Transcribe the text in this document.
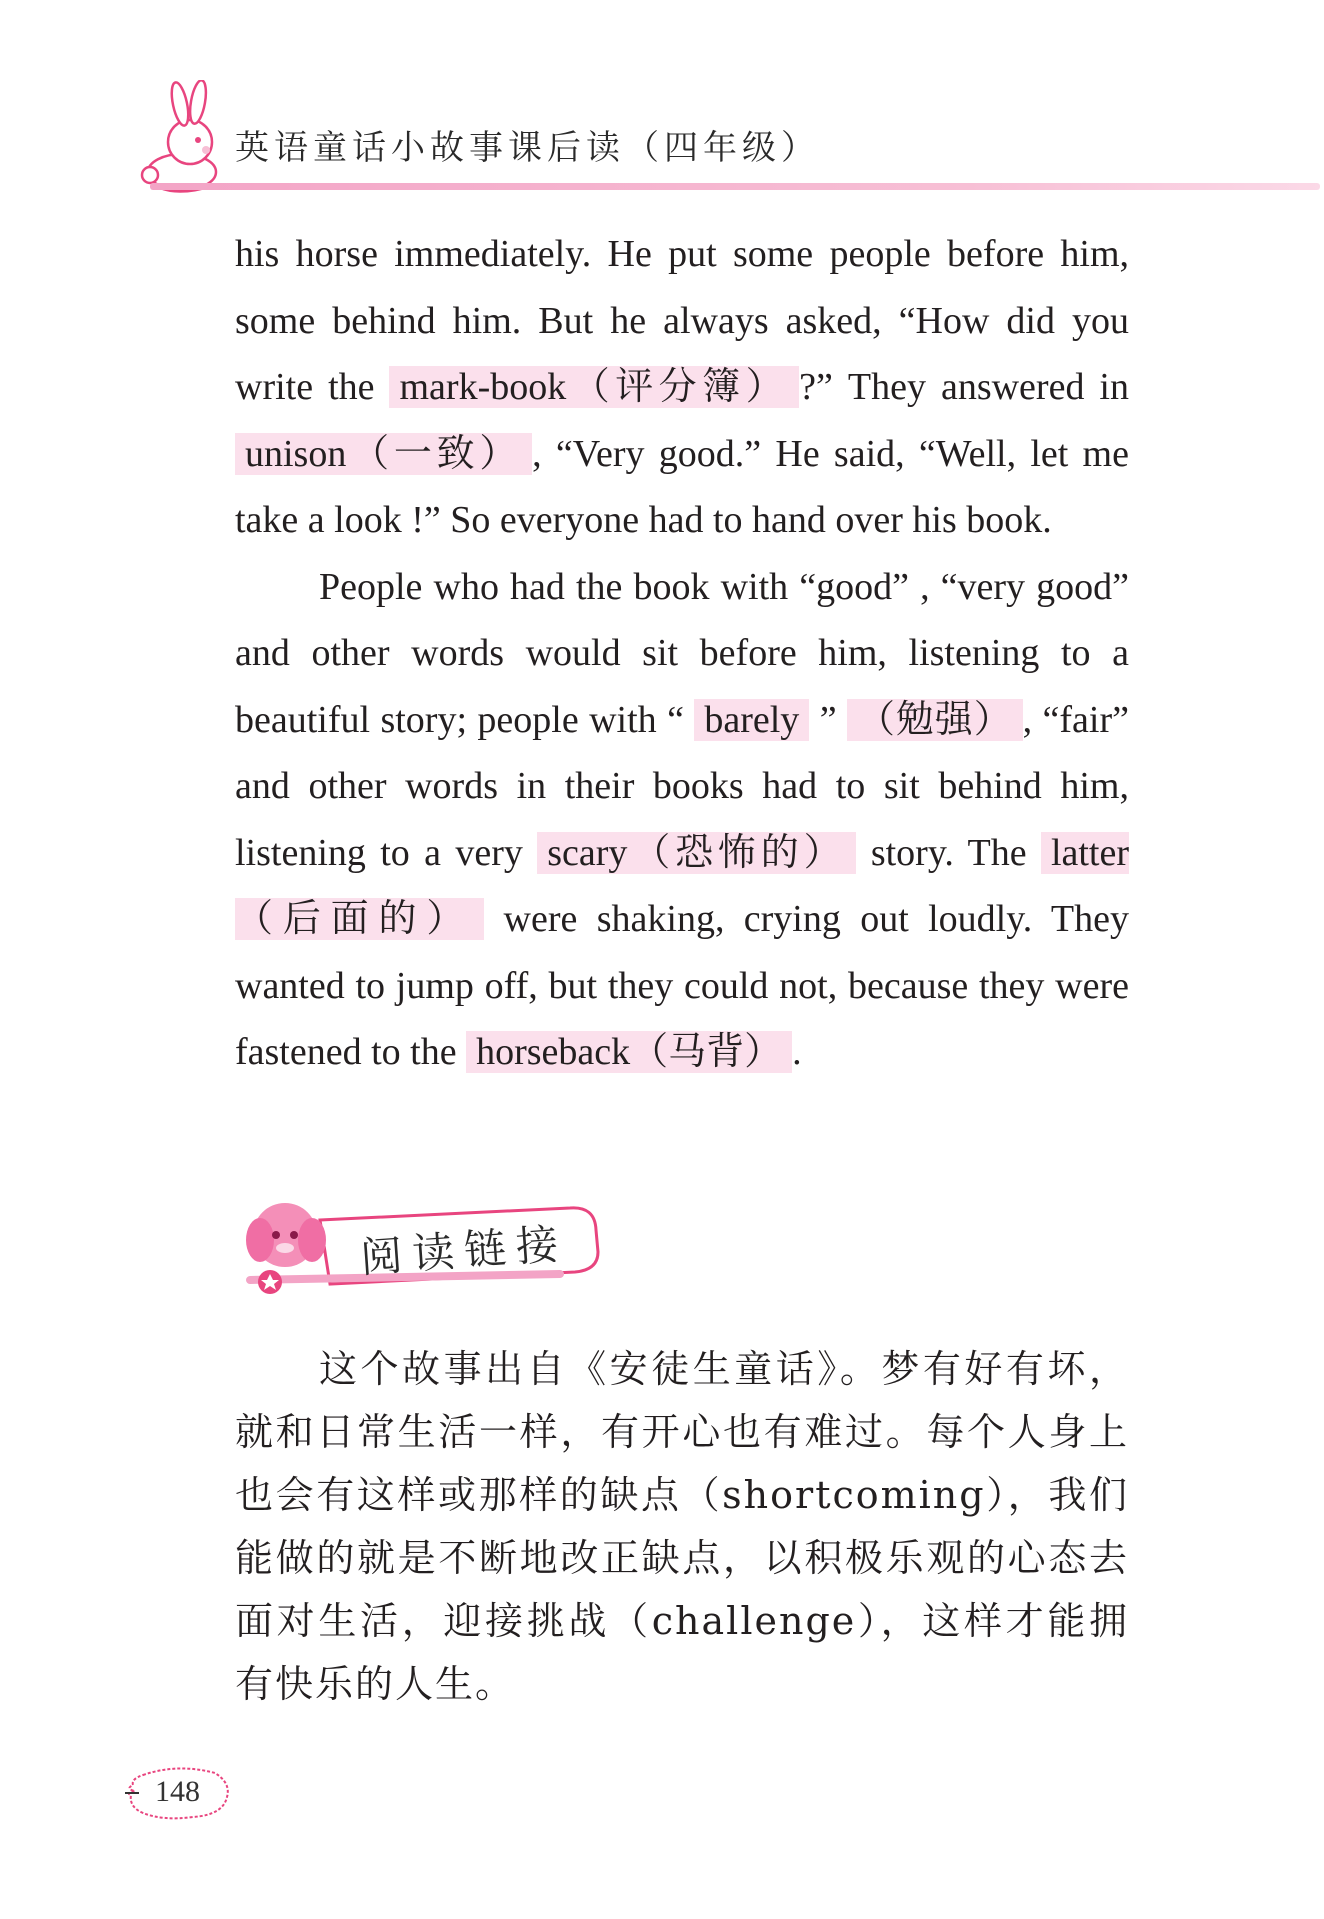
英语童话小故事课后读（四年级）

his horse immediately. He put some people before him, some behind him. But he always asked, “How did you write the mark-book（评分簿） ?” They answered in unison（一致） , “Very good.” He said, “Well, let me take a look !” So everyone had to hand over his book.

People who had the book with “good” , “very good” and other words would sit before him, listening to a beautiful story; people with “ barely ” （勉强） , “fair” and other words in their books had to sit behind him, listening to a very scary（恐怖的） story. The latter（后面的） were shaking, crying out loudly. They wanted to jump off, but they could not, because they were fastened to the horseback（马背） .

阅读链接

这个故事出自《安徒生童话》。梦有好有坏，就和日常生活一样，有开心也有难过。每个人身上也会有这样或那样的缺点（shortcoming），我们能做的就是不断地改正缺点，以积极乐观的心态去面对生活，迎接挑战（challenge），这样才能拥有快乐的人生。

148
